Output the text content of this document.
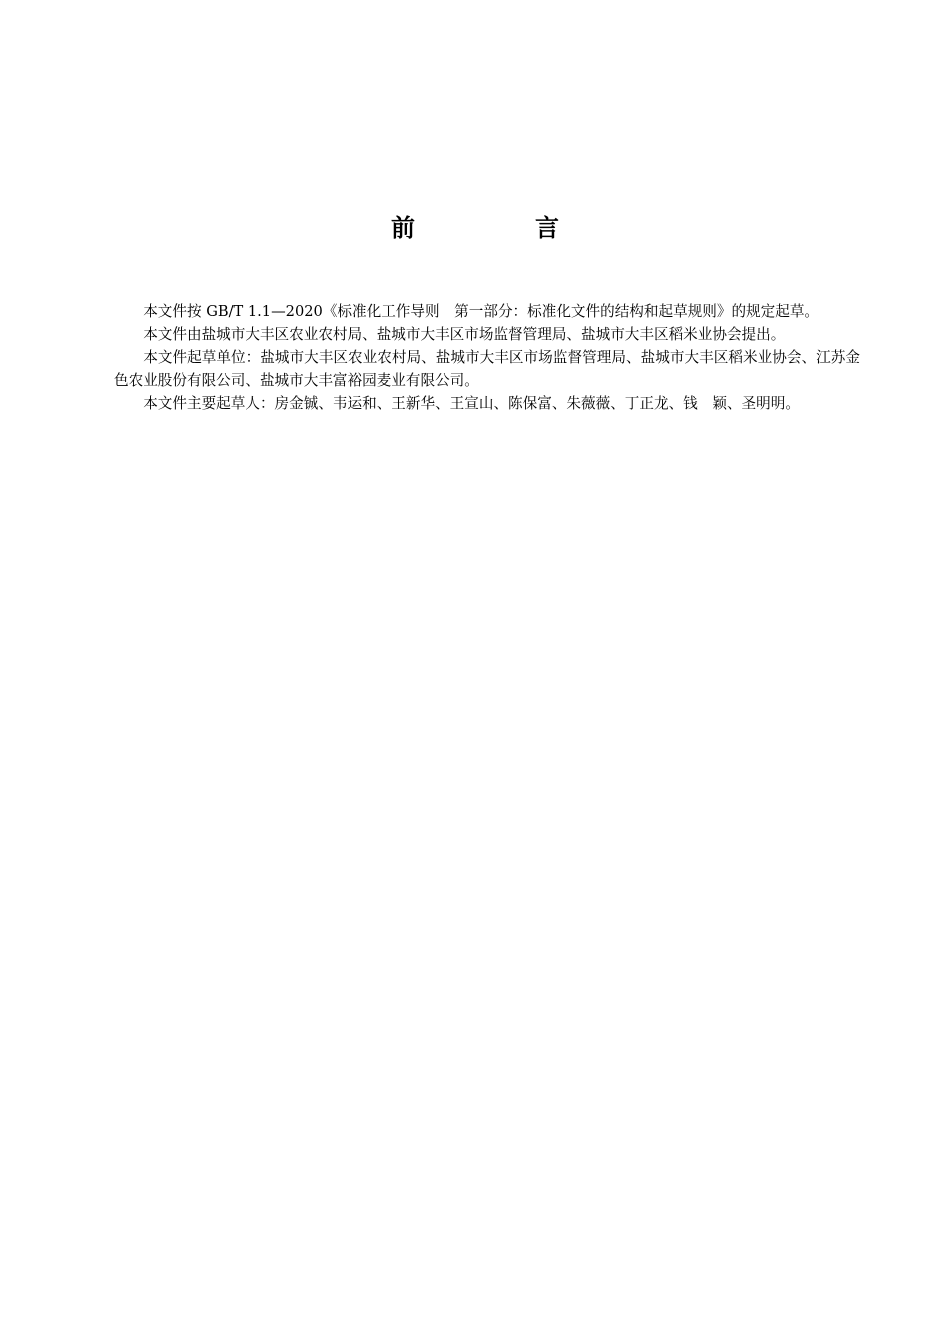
前　言

本文件按 GB/T 1.1—2020《标准化工作导则　第一部分：标准化文件的结构和起草规则》的规定起草。

本文件由盐城市大丰区农业农村局、盐城市大丰区市场监督管理局、盐城市大丰区稻米业协会提出。

本文件起草单位：盐城市大丰区农业农村局、盐城市大丰区市场监督管理局、盐城市大丰区稻米业协会、江苏金色农业股份有限公司、盐城市大丰富裕园麦业有限公司。

本文件主要起草人：房金铖、韦运和、王新华、王宣山、陈保富、朱薇薇、丁正龙、钱　颖、圣明明。
